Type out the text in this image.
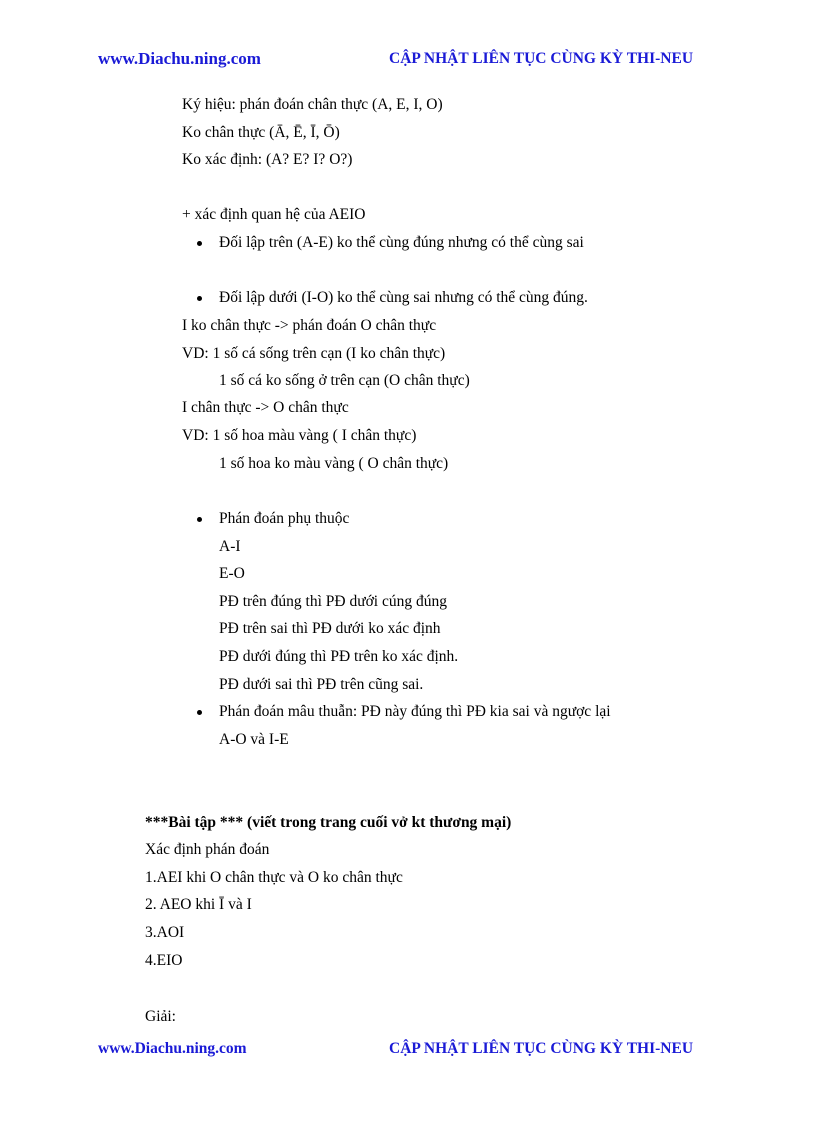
www.Diachu.ning.com	CẬP NHẬT LIÊN TỤC CÙNG KỲ THI-NEU
Ký hiệu: phán đoán chân thực (A, E, I, O)
Ko chân thực (Ā, Ē, Ī, Ō)
Ko xác định: (A? E? I? O?)
+ xác định quan hệ của AEIO
Đối lập trên (A-E) ko thể cùng đúng nhưng có thể cùng sai
Đối lập dưới (I-O) ko thể cùng sai nhưng có thể cùng đúng.
I ko chân thực -> phán đoán O chân thực
VD: 1 số cá sống trên cạn (I ko chân thực)
1 số cá ko sống ở trên cạn (O chân thực)
I chân thực -> O chân thực
VD: 1 số hoa màu vàng ( I chân thực)
1 số hoa ko màu vàng ( O chân thực)
Phán đoán phụ thuộc
A-I
E-O
PĐ trên đúng thì PĐ dưới cúng đúng
PĐ trên sai thì PĐ dưới ko xác định
PĐ dưới đúng thì PĐ trên ko xác định.
PĐ dưới sai thì PĐ trên cũng sai.
Phán đoán mâu thuẫn: PĐ này đúng thì PĐ kia sai và ngược lại
A-O và I-E
***Bài tập *** (viết trong trang cuối vở kt thương mại)
Xác định phán đoán
1.AEI khi O chân thực và O ko chân thực
2. AEO khi Ī và I
3.AOI
4.EIO
Giải:
www.Diachu.ning.com	CẬP NHẬT LIÊN TỤC CÙNG KỲ THI-NEU
